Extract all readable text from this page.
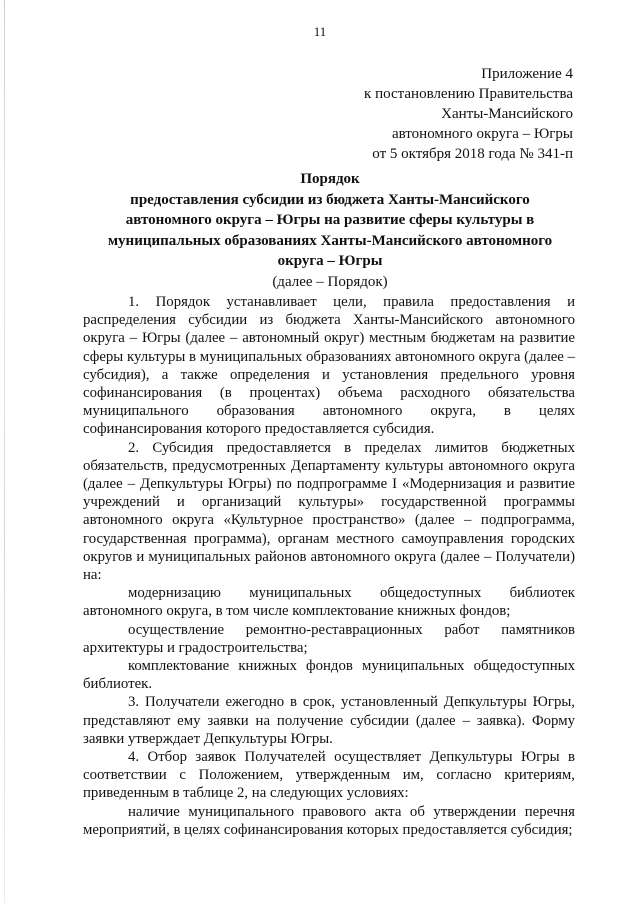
11
Приложение 4
к постановлению Правительства
Ханты-Мансийского
автономного округа – Югры
от 5 октября 2018 года № 341-п
Порядок
предоставления субсидии из бюджета Ханты-Мансийского
автономного округа – Югры на развитие сферы культуры в
муниципальных образованиях Ханты-Мансийского автономного
округа – Югры
(далее – Порядок)

1. Порядок устанавливает цели, правила предоставления и распределения субсидии из бюджета Ханты-Мансийского автономного округа – Югры (далее – автономный округ) местным бюджетам на развитие сферы культуры в муниципальных образованиях автономного округа (далее – субсидия), а также определения и установления предельного уровня софинансирования (в процентах) объема расходного обязательства муниципального образования автономного округа, в целях софинансирования которого предоставляется субсидия.

2. Субсидия предоставляется в пределах лимитов бюджетных обязательств, предусмотренных Департаменту культуры автономного округа (далее – Депкультуры Югры) по подпрограмме I «Модернизация и развитие учреждений и организаций культуры» государственной программы автономного округа «Культурное пространство» (далее – подпрограмма, государственная программа), органам местного самоуправления городских округов и муниципальных районов автономного округа (далее – Получатели) на:

модернизацию муниципальных общедоступных библиотек автономного округа, в том числе комплектование книжных фондов;

осуществление ремонтно-реставрационных работ памятников архитектуры и градостроительства;

комплектование книжных фондов муниципальных общедоступных библиотек.

3. Получатели ежегодно в срок, установленный Депкультуры Югры, представляют ему заявки на получение субсидии (далее – заявка). Форму заявки утверждает Депкультуры Югры.

4. Отбор заявок Получателей осуществляет Депкультуры Югры в соответствии с Положением, утвержденным им, согласно критериям, приведенным в таблице 2, на следующих условиях:

наличие муниципального правового акта об утверждении перечня мероприятий, в целях софинансирования которых предоставляется субсидия;
